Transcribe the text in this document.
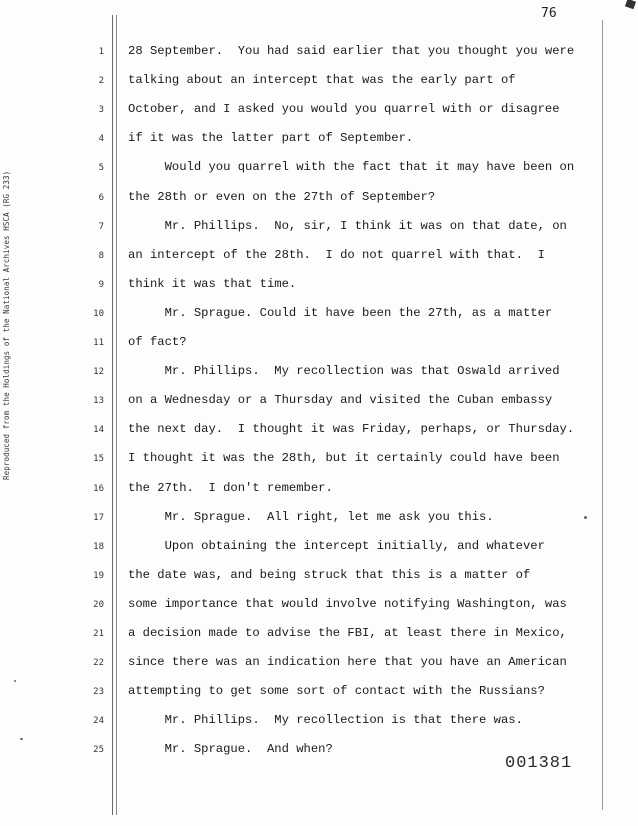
76
Reproduced from the Holdings of the National Archives HSCA (RG 233)
1 28 September.  You had said earlier that you thought you were
2 talking about an intercept that was the early part of
3 October, and I asked you would you quarrel with or disagree
4 if it was the latter part of September.
5 Would you quarrel with the fact that it may have been on
6 the 28th or even on the 27th of September?
7 Mr. Phillips.  No, sir, I think it was on that date, on
8 an intercept of the 28th.  I do not quarrel with that.  I
9 think it was that time.
10 Mr. Sprague. Could it have been the 27th, as a matter
11 of fact?
12 Mr. Phillips.  My recollection was that Oswald arrived
13 on a Wednesday or a Thursday and visited the Cuban embassy
14 the next day.  I thought it was Friday, perhaps, or Thursday.
15 I thought it was the 28th, but it certainly could have been
16 the 27th.  I don't remember.
17 Mr. Sprague.  All right, let me ask you this.
18 Upon obtaining the intercept initially, and whatever
19 the date was, and being struck that this is a matter of
20 some importance that would involve notifying Washington, was
21 a decision made to advise the FBI, at least there in Mexico,
22 since there was an indication here that you have an American
23 attempting to get some sort of contact with the Russians?
24 Mr. Phillips.  My recollection is that there was.
25 Mr. Sprague.  And when?
001381
